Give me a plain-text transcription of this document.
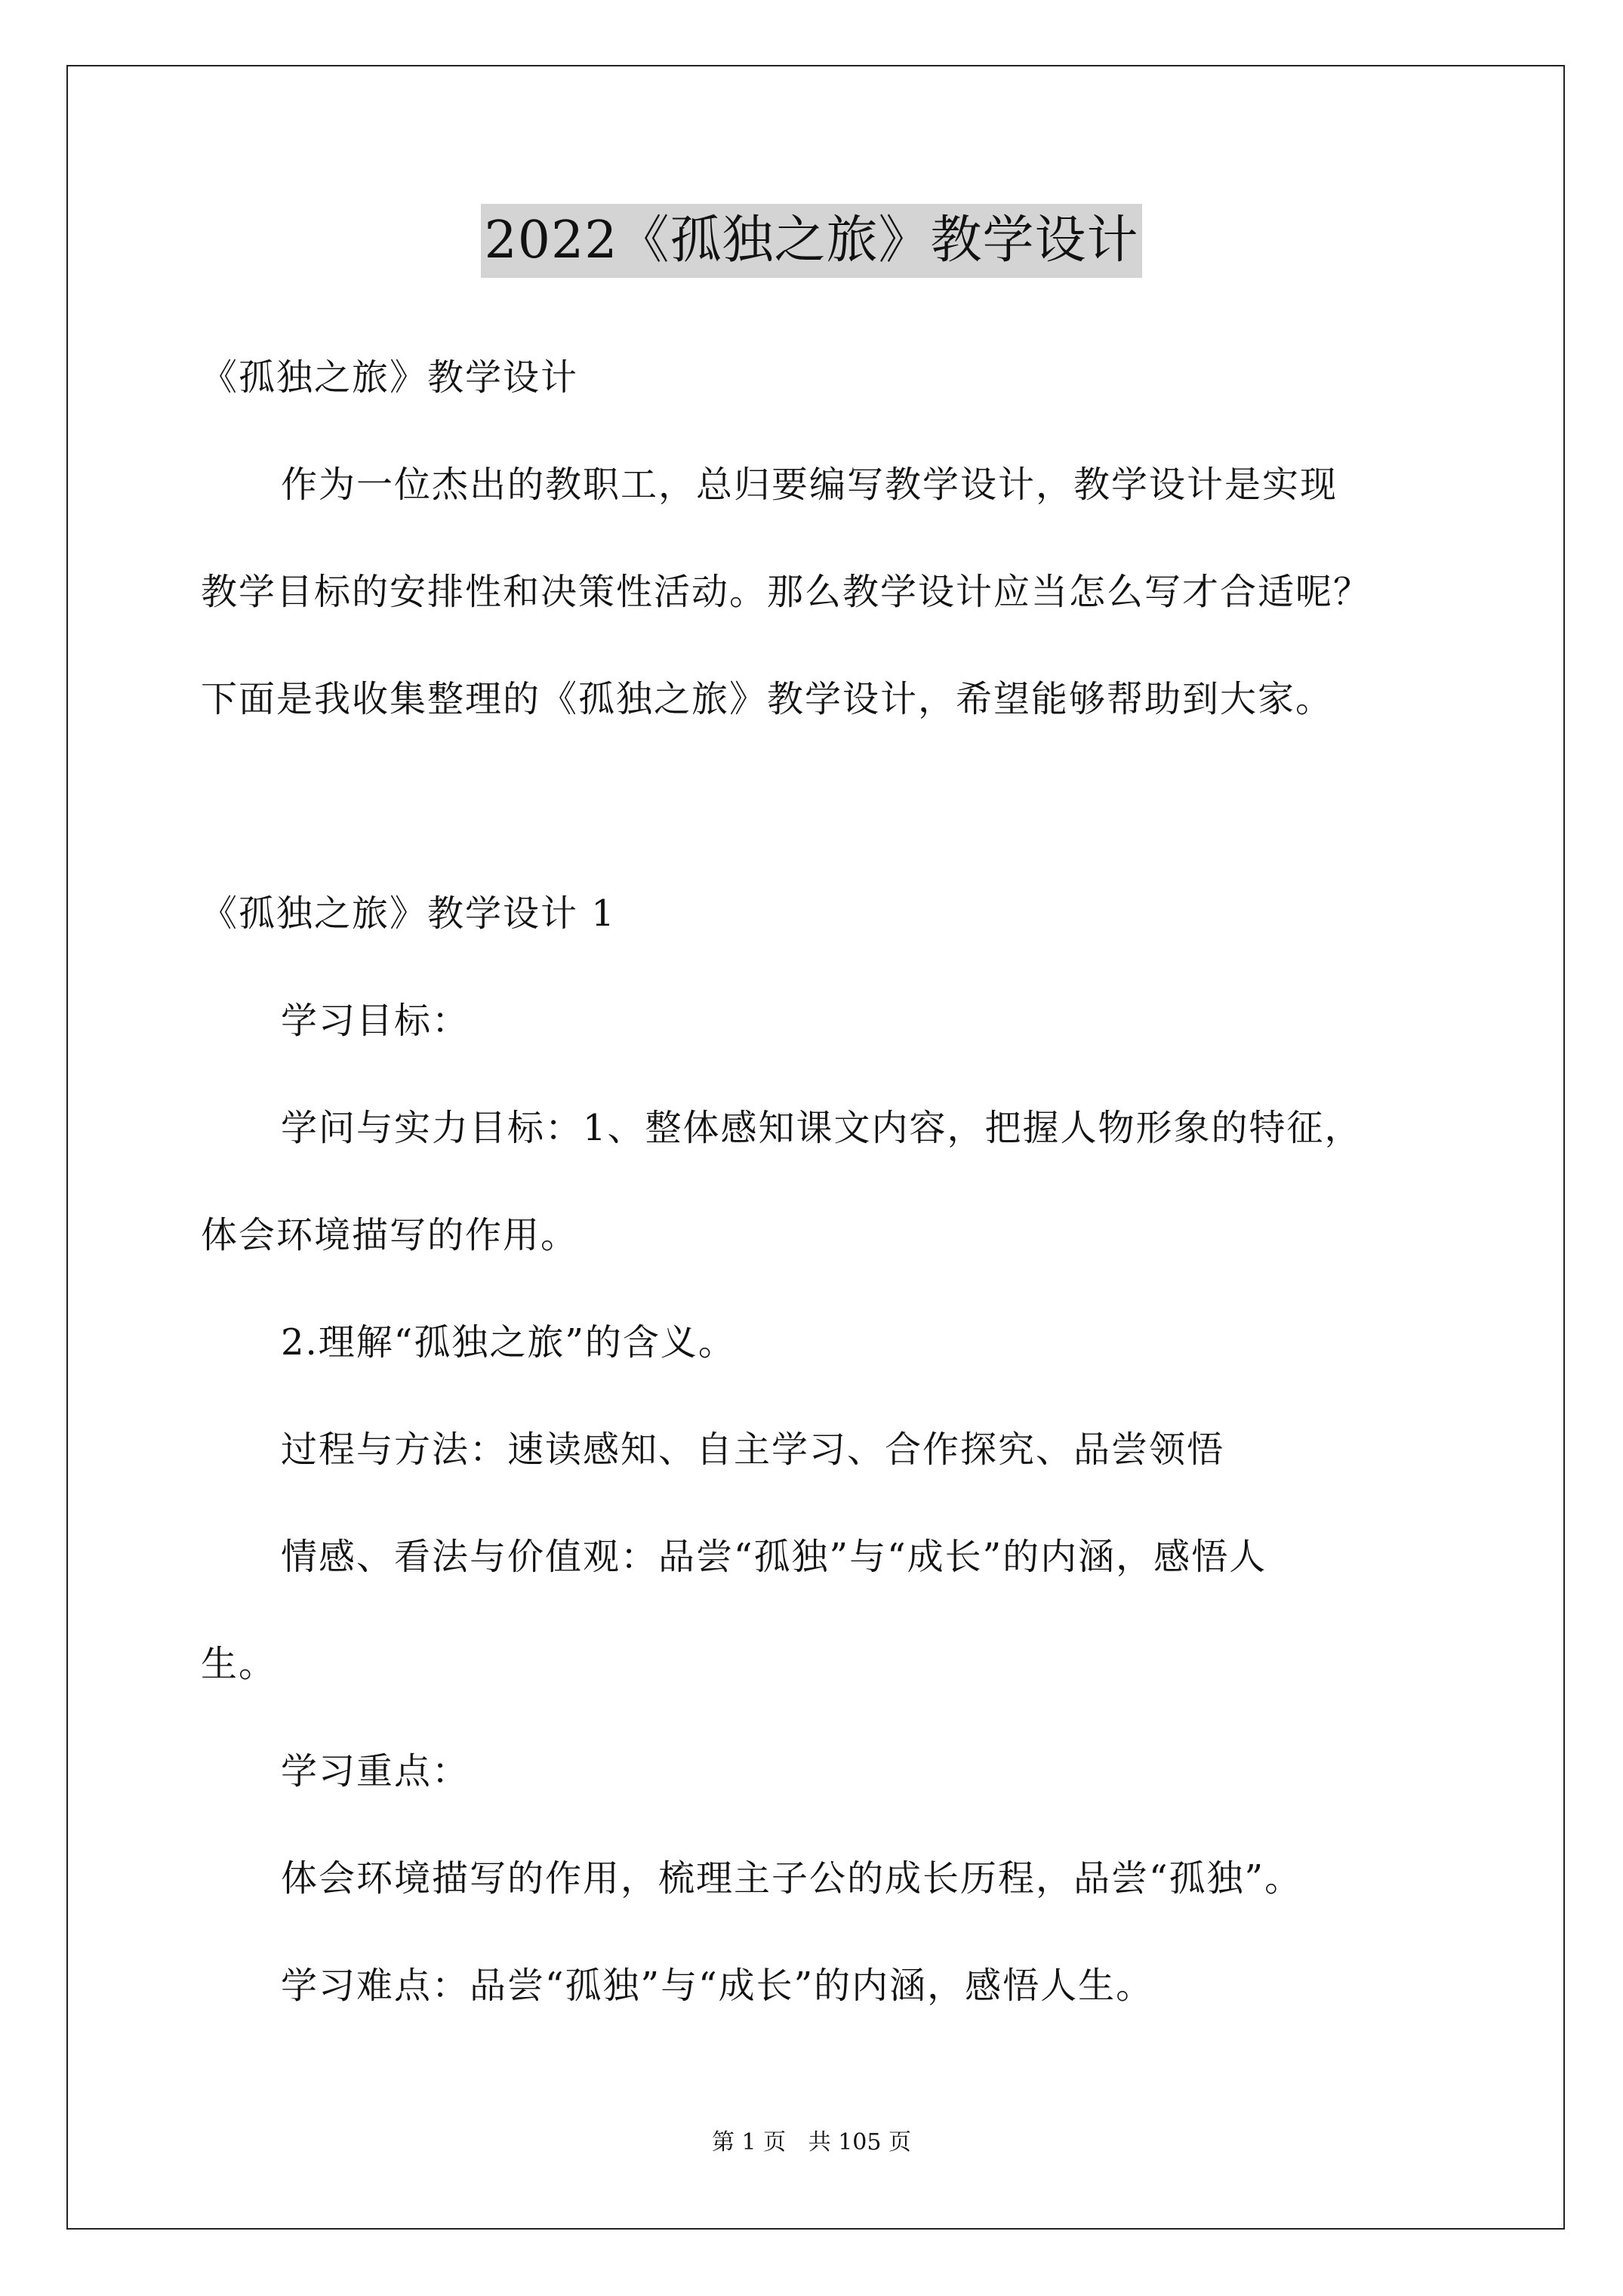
2022《孤独之旅》教学设计
《孤独之旅》教学设计
作为一位杰出的教职工，总归要编写教学设计，教学设计是实现
教学目标的安排性和决策性活动。那么教学设计应当怎么写才合适呢？
下面是我收集整理的《孤独之旅》教学设计，希望能够帮助到大家。
《孤独之旅》教学设计 1
学习目标：
学问与实力目标：1、整体感知课文内容，把握人物形象的特征，
体会环境描写的作用。
2.理解“孤独之旅”的含义。
过程与方法：速读感知、自主学习、合作探究、品尝领悟
情感、看法与价值观：品尝“孤独”与“成长”的内涵，感悟人
生。
学习重点：
体会环境描写的作用，梳理主子公的成长历程，品尝“孤独”。
学习难点：品尝“孤独”与“成长”的内涵，感悟人生。
第 1 页 共 105 页
